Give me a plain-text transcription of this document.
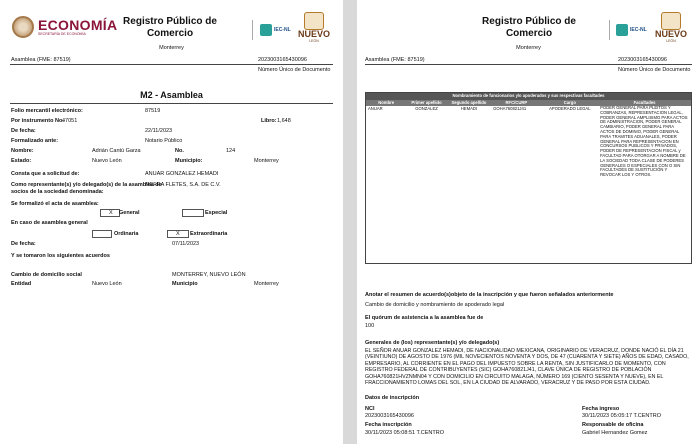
ECONOMÍA
SECRETARÍA DE ECONOMÍA
Registro Público de
Comercio	IEC-NL NUEVO
LEÓN
Monterrey
Asamblea (FME: 87519)	2023003165430096
Número Único de Documento
M2 - Asamblea
Folio mercantil electrónico:	87519
Por instrumento No.
47051	Libro: 1,648
De fecha:	22/11/2023
Formalizado ante:	Notario Público
Nombre:	Adrián Cantú Garza	No.	124
Estado:	Nuevo León	Municipio:	Monterrey
Consta que a solicitud de:	ANUAR GONZALEZ HEMADI
Como representante(s) y/o delegado(s) de la asamblea de
socios de la sociedad denominada:
MEFRA FLETES, S.A. DE C.V.
Se formalizó el acta de asamblea:
X	General	Especial
En caso de asamblea general
Ordinaria	X	Extraordinaria
De fecha:	07/11/2023
Y se tomaron los siguientes acuerdos
Cambio de domicilio social	MONTERREY, NUEVO LEÓN
Entidad	Nuevo León	Municipio	Monterrey
Registro Público de
Comercio	IEC-NL NUEVO
LEÓN
Monterrey
Asamblea (FME: 87519)	2023003165430096
Número Único de Documento
Nombramiento de funcionarios y/o apoderados y sus respectivas facultades					
Nombre	Primer apellido	Segundo apellido	RFC/CURP	Cargo	Facultades
ANUAR	GONZALEZ	HEMADI	GOHA760821J41	APODERADO LEGAL	PODER GENERAL PARA PLEITOS Y COBRANZAS, REPRESENTACION LEGAL, PODER GENERAL AMPLISIMO PARA ACTOS DE ADMINISTRACION, PODER GENERAL CAMBIARIO, PODER GENERAL PARA ACTOS DE DOMINIO, PODER GENERAL PARA TRAMITES ADUANALES, PODER GENERAL PARA REPRESENTACION EN CONCURSOS PUBLICOS Y PRIVADOS, PODER DE REPRESENTACION FISCAL y FACULTAD PARA OTORGAR A NOMBRE DE LA SOCIEDAD TODA CLASE DE PODERES GENERALES O ESPECIALES CON O SIN FACULTADES DE SUSTITUCIÓN Y REVOCAR LOS Y OTROS.
Anotar el resumen de acuerdo(s)objeto de la inscripción y que fueron señalados anteriormente
Cambio de domicilio y nombramiento de apoderado legal
El quórum de asistencia a la asamblea fue de
100
Generales de (los) representante(s) y/o delegado(s)
EL SEÑOR ANUAR GONZALEZ HEMADI, DE NACIONALIDAD MEXICANA, ORIGINARIO DE VERACRUZ, DONDE NACIÓ EL DÍA 21 (VEINTIUNO) DE AGOSTO DE 1976 (MIL NOVECIENTOS NOVENTA Y DOS, DE 47 (CUARENTA Y SIETE) AÑOS DE EDAD, CASADO, EMPRESARIO, AL CORRIENTE EN EL PAGO DEL IMPUESTO SOBRE LA RENTA, SIN JUSTIFICARLO DE MOMENTO, CON REGISTRO FEDERAL DE CONTRIBUYENTES (SIC) GOHA760821J41, CLAVE ÚNICA DE REGISTRO DE POBLACIÓN GOHA760821HVZNMN04 Y CON DOMICILIO EN CIRCUITO MALAGA, NÚMERO 169 (CIENTO SESENTA Y NUEVE), EN EL FRACCIONAMIENTO LOMAS DEL SOL, EN LA CIUDAD DE ALVARADO, VERACRUZ Y DE PASO POR ESTA CIUDAD.
Datos de inscripción
NCI
2023003165430096
Fecha ingreso
30/11/2023 05:05:17 T.CENTRO
Fecha inscripción
30/11/2023 05:08:51 T.CENTRO
Responsable de oficina
Gabriel Hernandez Gomez
